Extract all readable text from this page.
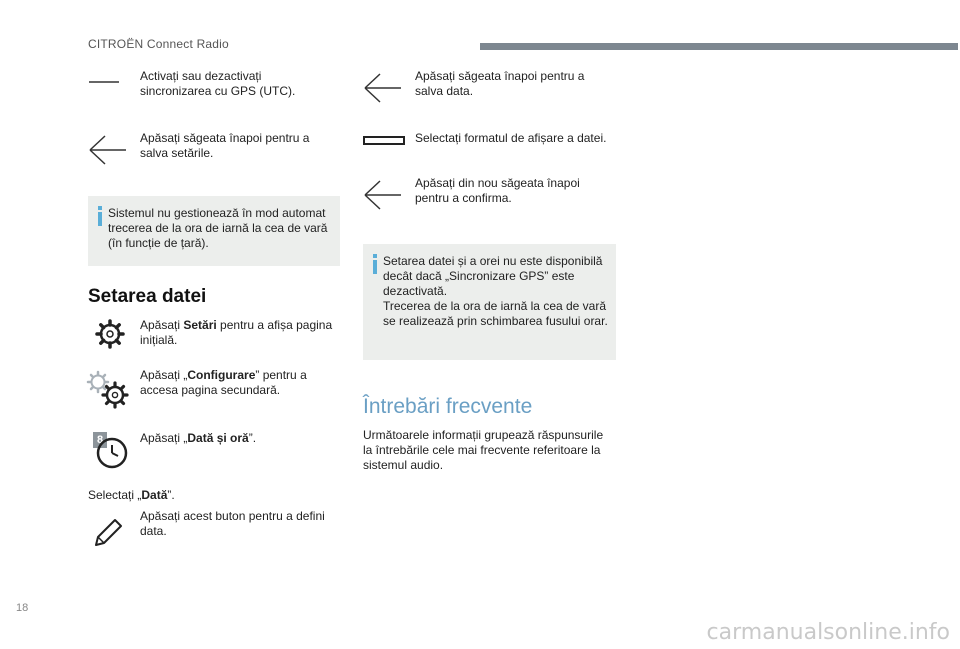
CITROËN Connect Radio
Activați sau dezactivați sincronizarea cu GPS (UTC).
Apăsați săgeata înapoi pentru a salva setările.
Sistemul nu gestionează în mod automat trecerea de la ora de iarnă la cea de vară (în funcție de țară).
Setarea datei
Apăsați Setări pentru a afișa pagina inițială.
Apăsați „Configurare” pentru a accesa pagina secundară.
8	Apăsați „Dată și oră”.
Selectați „Dată”.
Apăsați acest buton pentru a defini data.
Apăsați săgeata înapoi pentru a salva data.
Selectați formatul de afișare a datei.
Apăsați din nou săgeata înapoi pentru a confirma.
Setarea datei și a orei nu este disponibilă decât dacă „Sincronizare GPS” este dezactivată.
Trecerea de la ora de iarnă la cea de vară se realizează prin schimbarea fusului orar.
Întrebări frecvente
Următoarele informații grupează răspunsurile la întrebările cele mai frecvente referitoare la sistemul audio.
18
carmanualsonline.info
